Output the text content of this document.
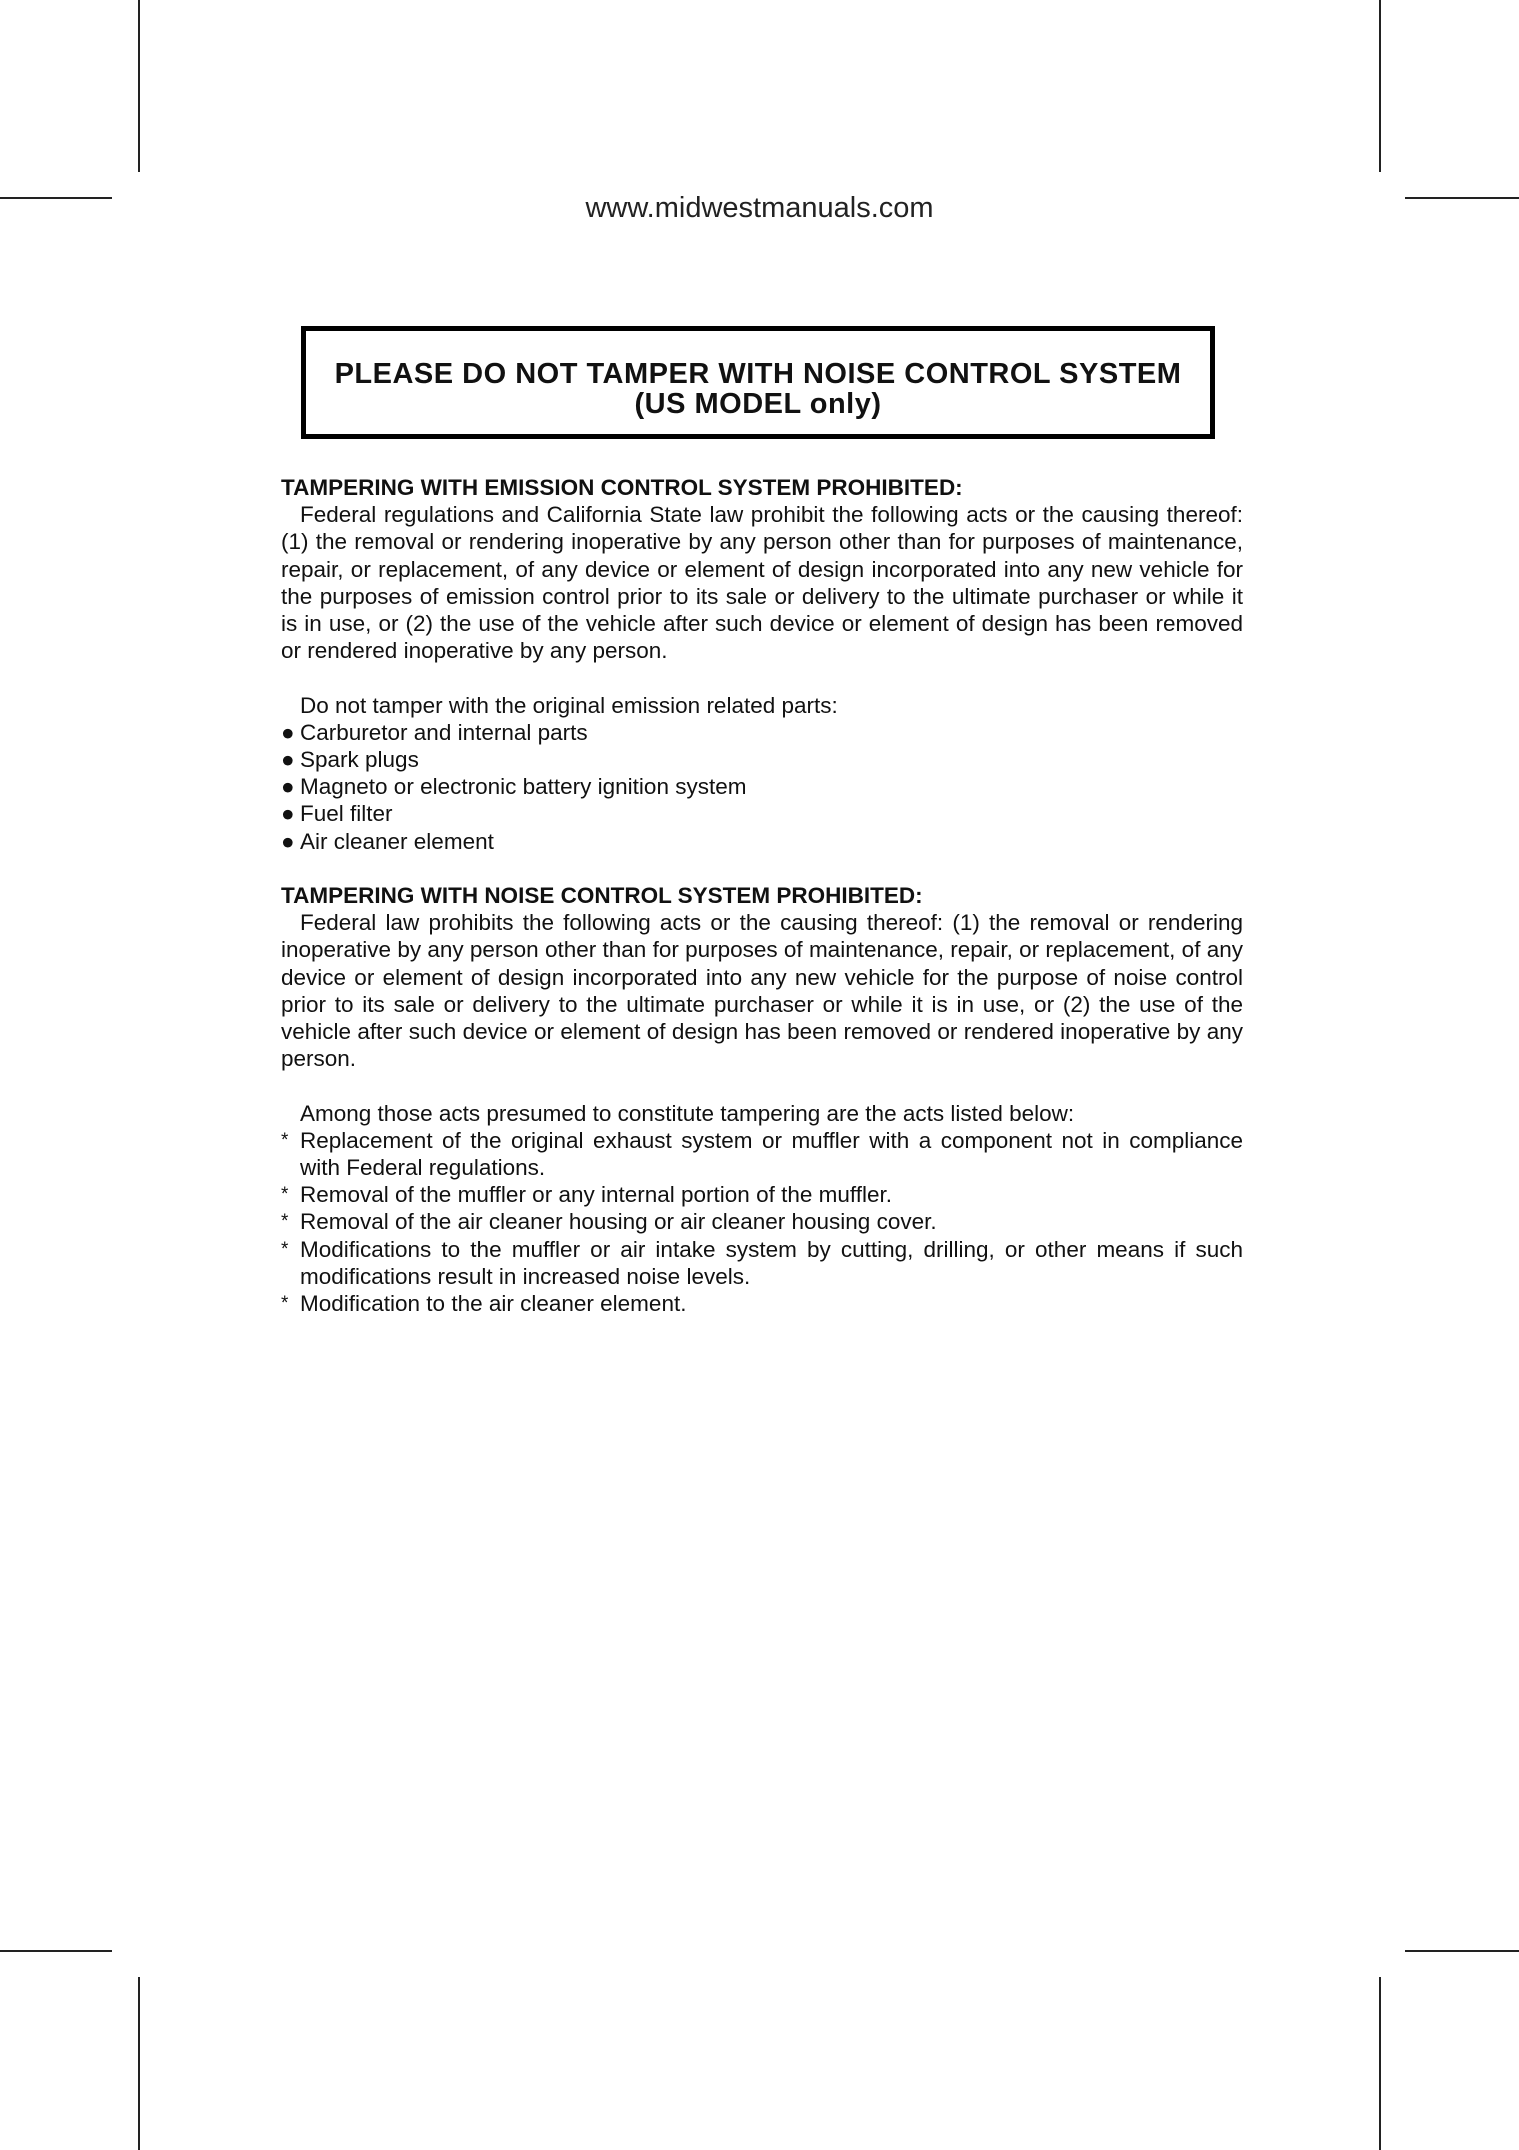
www.midwestmanuals.com
PLEASE DO NOT TAMPER WITH NOISE CONTROL SYSTEM
(US MODEL only)

TAMPERING WITH EMISSION CONTROL SYSTEM PROHIBITED:

Federal regulations and California State law prohibit the following acts or the causing thereof: (1) the removal or rendering inoperative by any person other than for purposes of maintenance, repair, or replacement, of any device or element of design incorporated into any new vehicle for the purposes of emission control prior to its sale or delivery to the ultimate purchaser or while it is in use, or (2) the use of the vehicle after such device or element of design has been removed or rendered inoperative by any person.

Do not tamper with the original emission related parts:

● Carburetor and internal parts
● Spark plugs
● Magneto or electronic battery ignition system
● Fuel filter
● Air cleaner element

TAMPERING WITH NOISE CONTROL SYSTEM PROHIBITED:

Federal law prohibits the following acts or the causing thereof: (1) the removal or rendering inoperative by any person other than for purposes of maintenance, repair, or replacement, of any device or element of design incorporated into any new vehicle for the purpose of noise control prior to its sale or delivery to the ultimate purchaser or while it is in use, or (2) the use of the vehicle after such device or element of design has been removed or rendered inoperative by any person.

Among those acts presumed to constitute tampering are the acts listed below:

* Replacement of the original exhaust system or muffler with a component not in compliance with Federal regulations.
* Removal of the muffler or any internal portion of the muffler.
* Removal of the air cleaner housing or air cleaner housing cover.
* Modifications to the muffler or air intake system by cutting, drilling, or other means if such modifications result in increased noise levels.
* Modification to the air cleaner element.
